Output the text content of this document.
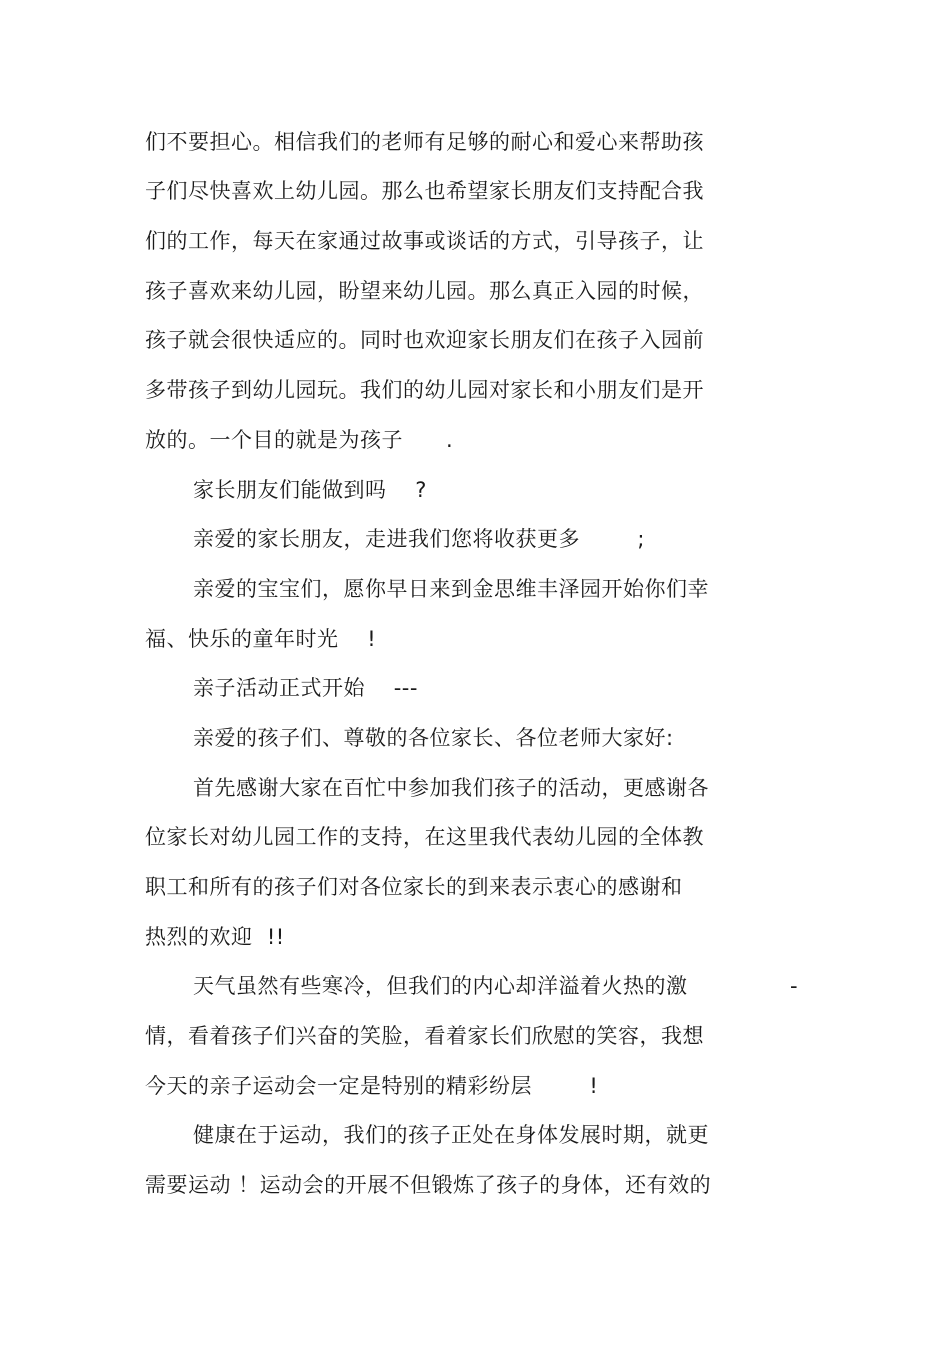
们不要担心。相信我们的老师有足够的耐心和爱心来帮助孩
子们尽快喜欢上幼儿园。那么也希望家长朋友们支持配合我
们的工作，每天在家通过故事或谈话的方式，引导孩子，让
孩子喜欢来幼儿园，盼望来幼儿园。那么真正入园的时候，
孩子就会很快适应的。同时也欢迎家长朋友们在孩子入园前
多带孩子到幼儿园玩。我们的幼儿园对家长和小朋友们是开
放的。一个目的就是为孩子      .
家长朋友们能做到吗    ?
亲爱的家长朋友，走进我们您将收获更多        ;
亲爱的宝宝们，愿你早日来到金思维丰泽园开始你们幸
福、快乐的童年时光    !
亲子活动正式开始    ---
亲爱的孩子们、尊敬的各位家长、各位老师大家好:
首先感谢大家在百忙中参加我们孩子的活动，更感谢各
位家长对幼儿园工作的支持，在这里我代表幼儿园的全体教
职工和所有的孩子们对各位家长的到来表示衷心的感谢和
热烈的欢迎  !!
天气虽然有些寒冷，但我们的内心却洋溢着火热的激	-
情，看着孩子们兴奋的笑脸，看着家长们欣慰的笑容，我想
今天的亲子运动会一定是特别的精彩纷层        !
健康在于运动，我们的孩子正处在身体发展时期，就更
需要运动 ！运动会的开展不但锻炼了孩子的身体，还有效的
